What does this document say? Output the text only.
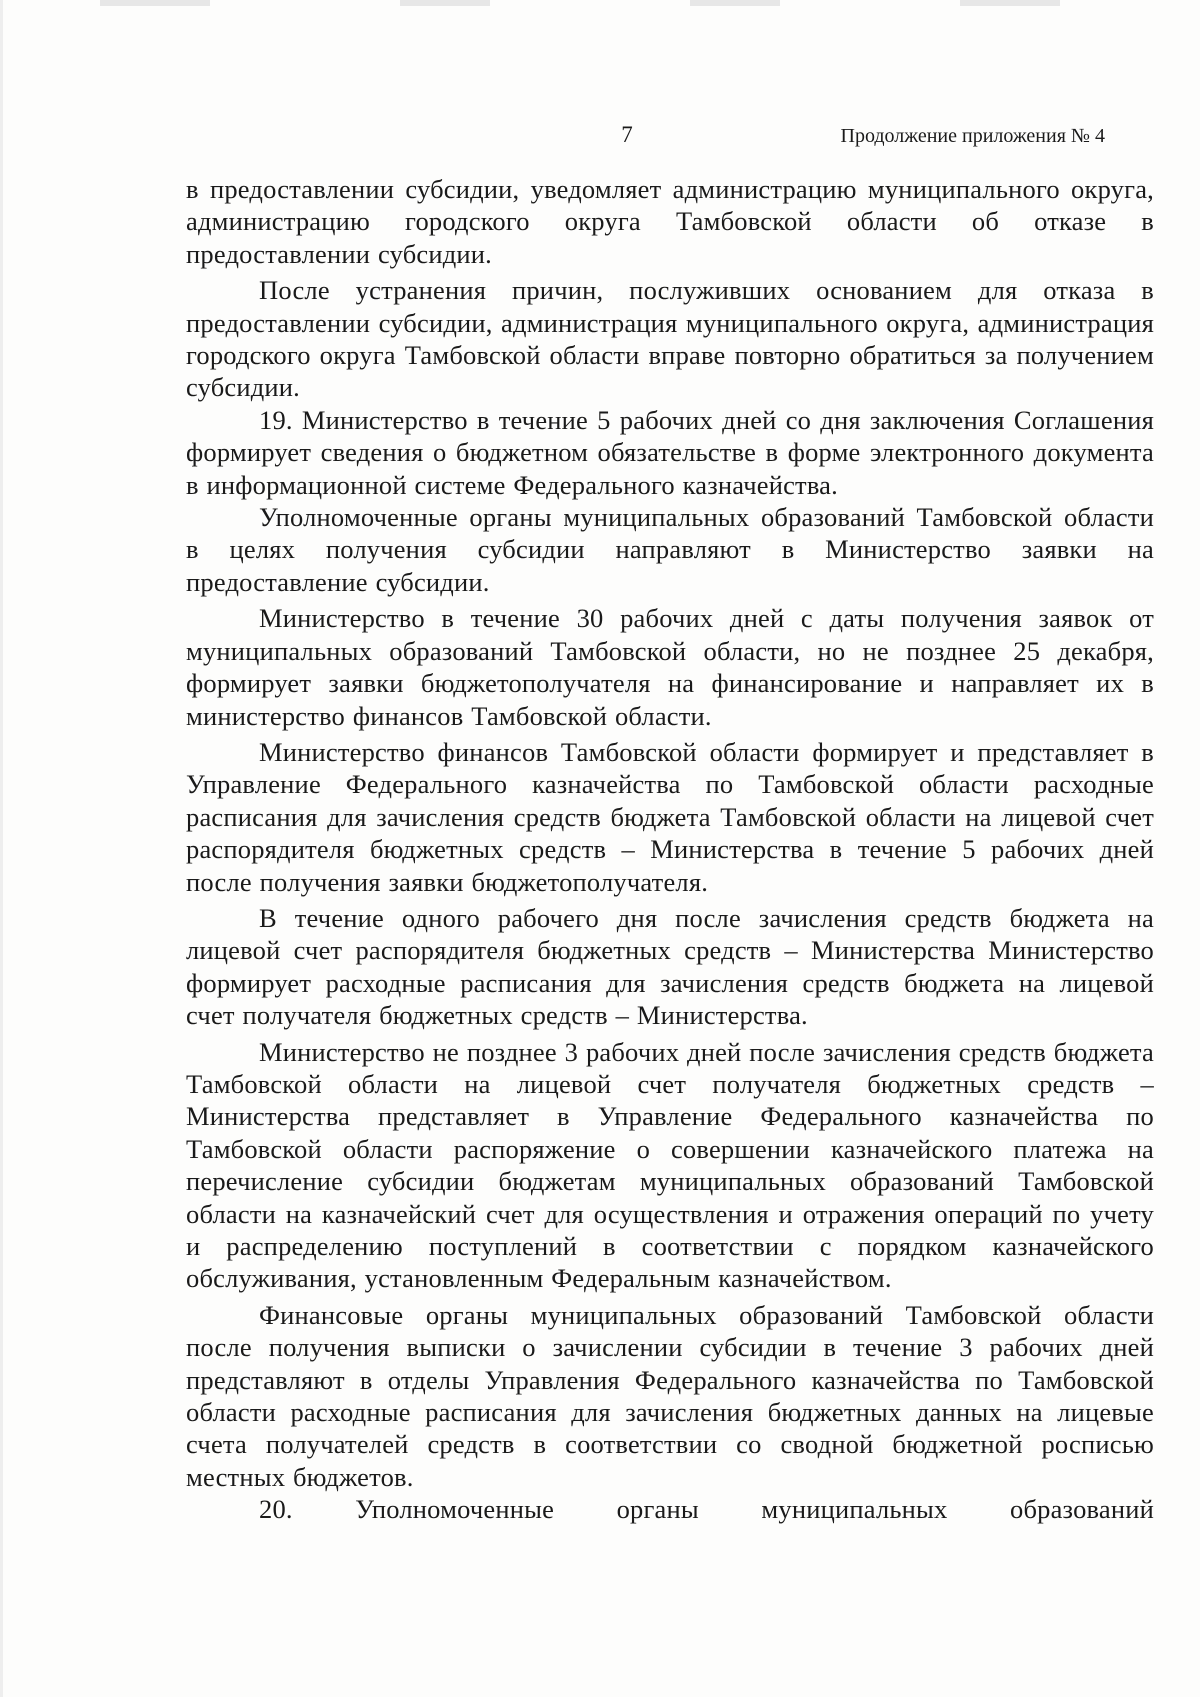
7	Продолжение приложения № 4

в предоставлении субсидии, уведомляет администрацию муниципального округа, администрацию городского округа Тамбовской области об отказе в предоставлении субсидии.

После устранения причин, послуживших основанием для отказа в предоставлении субсидии, администрация муниципального округа, администрация городского округа Тамбовской области вправе повторно обратиться за получением субсидии.

19. Министерство в течение 5 рабочих дней со дня заключения Соглашения формирует сведения о бюджетном обязательстве в форме электронного документа в информационной системе Федерального казначейства.

Уполномоченные органы муниципальных образований Тамбовской области в целях получения субсидии направляют в Министерство заявки на предоставление субсидии.

Министерство в течение 30 рабочих дней с даты получения заявок от муниципальных образований Тамбовской области, но не позднее 25 декабря, формирует заявки бюджетополучателя на финансирование и направляет их в министерство финансов Тамбовской области.

Министерство финансов Тамбовской области формирует и представляет в Управление Федерального казначейства по Тамбовской области расходные расписания для зачисления средств бюджета Тамбовской области на лицевой счет распорядителя бюджетных средств – Министерства в течение 5 рабочих дней после получения заявки бюджетополучателя.

В течение одного рабочего дня после зачисления средств бюджета на лицевой счет распорядителя бюджетных средств – Министерства Министерство формирует расходные расписания для зачисления средств бюджета на лицевой счет получателя бюджетных средств – Министерства.

Министерство не позднее 3 рабочих дней после зачисления средств бюджета Тамбовской области на лицевой счет получателя бюджетных средств – Министерства представляет в Управление Федерального казначейства по Тамбовской области распоряжение о совершении казначейского платежа на перечисление субсидии бюджетам муниципальных образований Тамбовской области на казначейский счет для осуществления и отражения операций по учету и распределению поступлений в соответствии с порядком казначейского обслуживания, установленным Федеральным казначейством.

Финансовые органы муниципальных образований Тамбовской области после получения выписки о зачислении субсидии в течение 3 рабочих дней представляют в отделы Управления Федерального казначейства по Тамбовской области расходные расписания для зачисления бюджетных данных на лицевые счета получателей средств в соответствии со сводной бюджетной росписью местных бюджетов.

20. Уполномоченные органы муниципальных образований
